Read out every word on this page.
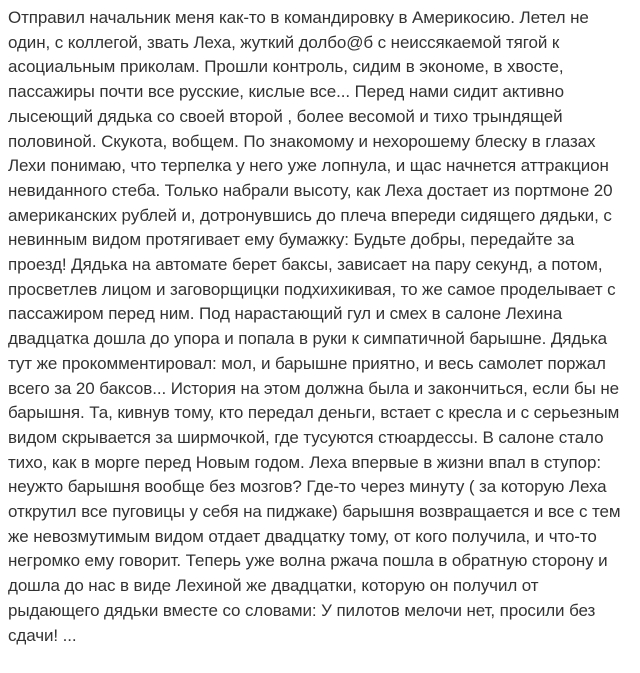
Отправил начальник меня как-то в командировку в Америкосию. Летел не
один, с коллегой, звать Леха, жуткий долбо@б с неиссякаемой тягой к
асоциальным приколам. Прошли контроль, сидим в экономе, в хвосте,
пассажиры почти все русские, кислые все... Перед нами сидит активно
лысеющий дядька со своей второй , более весомой и тихо трындящей
половиной. Скукота, вобщем. По знакомому и нехорошему блеску в глазах
Лехи понимаю, что терпелка у него уже лопнула, и щас начнется аттракцион
невиданного стеба. Только набрали высоту, как Леха достает из портмоне 20
американских рублей и, дотронувшись до плеча впереди сидящего дядьки, с
невинным видом протягивает ему бумажку: Будьте добры, передайте за
проезд! Дядька на автомате берет баксы, зависает на пару секунд, а потом,
просветлев лицом и заговорщицки подхихикивая, то же самое проделывает с
пассажиром перед ним. Под нарастающий гул и смех в салоне Лехина
двадцатка дошла до упора и попала в руки к симпатичной барышне. Дядька
тут же прокомментировал: мол, и барышне приятно, и весь самолет поржал
всего за 20 баксов... История на этом должна была и закончиться, если бы не
барышня. Та, кивнув тому, кто передал деньги, встает с кресла и с серьезным
видом скрывается за ширмочкой, где тусуются стюардессы. В салоне стало
тихо, как в морге перед Новым годом. Леха впервые в жизни впал в ступор:
неужто барышня вообще без мозгов? Где-то через минуту ( за которую Леха
открутил все пуговицы у себя на пиджаке) барышня возвращается и все с тем
же невозмутимым видом отдает двадцатку тому, от кого получила, и что-то
негромко ему говорит. Теперь уже волна ржача пошла в обратную сторону и
дошла до нас в виде Лехиной же двадцатки, которую он получил от
рыдающего дядьки вместе со словами: У пилотов мелочи нет, просили без
сдачи! ...
